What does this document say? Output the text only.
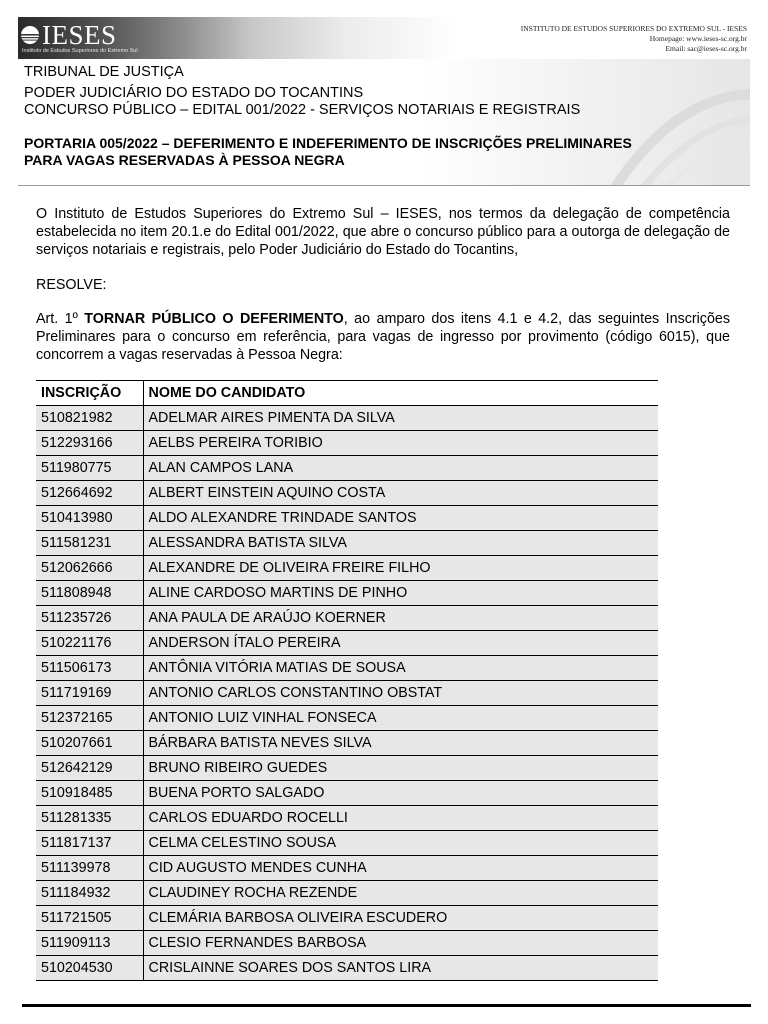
IESES
Instituto de Estudos Superiores do Extremo Sul
INSTITUTO DE ESTUDOS SUPERIORES DO EXTREMO SUL - IESES
Homepage: www.ieses-sc.org.br
Email: sac@ieses-sc.org.br
TRIBUNAL DE JUSTIÇA
PODER JUDICIÁRIO DO ESTADO DO TOCANTINS
CONCURSO PÚBLICO – EDITAL 001/2022 - SERVIÇOS NOTARIAIS E REGISTRAIS
PORTARIA 005/2022 – DEFERIMENTO E INDEFERIMENTO DE INSCRIÇÕES PRELIMINARES
PARA VAGAS RESERVADAS À PESSOA NEGRA
O Instituto de Estudos Superiores do Extremo Sul – IESES, nos termos da delegação de competência estabelecida no item 20.1.e do Edital 001/2022, que abre o concurso público para a outorga de delegação de serviços notariais e registrais, pelo Poder Judiciário do Estado do Tocantins,
RESOLVE:
Art. 1º TORNAR PÚBLICO O DEFERIMENTO, ao amparo dos itens 4.1 e 4.2, das seguintes Inscrições Preliminares para o concurso em referência, para vagas de ingresso por provimento (código 6015), que concorrem a vagas reservadas à Pessoa Negra:
INSCRIÇÃO	NOME DO CANDIDATO
510821982	ADELMAR AIRES PIMENTA DA SILVA
512293166	AELBS PEREIRA TORIBIO
511980775	ALAN CAMPOS LANA
512664692	ALBERT EINSTEIN AQUINO COSTA
510413980	ALDO ALEXANDRE TRINDADE SANTOS
511581231	ALESSANDRA BATISTA SILVA
512062666	ALEXANDRE DE OLIVEIRA FREIRE FILHO
511808948	ALINE CARDOSO MARTINS DE PINHO
511235726	ANA PAULA DE ARAÚJO KOERNER
510221176	ANDERSON ÍTALO PEREIRA
511506173	ANTÔNIA VITÓRIA MATIAS DE SOUSA
511719169	ANTONIO CARLOS CONSTANTINO OBSTAT
512372165	ANTONIO LUIZ VINHAL FONSECA
510207661	BÁRBARA BATISTA NEVES SILVA
512642129	BRUNO RIBEIRO GUEDES
510918485	BUENA PORTO SALGADO
511281335	CARLOS EDUARDO ROCELLI
511817137	CELMA CELESTINO SOUSA
511139978	CID AUGUSTO MENDES CUNHA
511184932	CLAUDINEY ROCHA REZENDE
511721505	CLEMÁRIA BARBOSA OLIVEIRA ESCUDERO
511909113	CLESIO FERNANDES BARBOSA
510204530	CRISLAINNE SOARES DOS SANTOS LIRA
